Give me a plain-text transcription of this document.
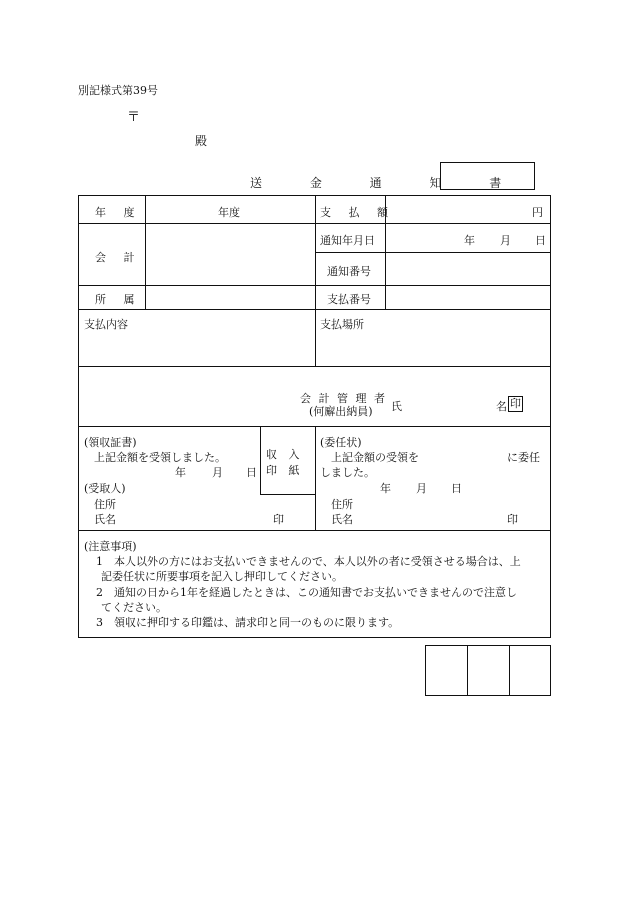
別記様式第39号
〒
殿
送 金 通 知 書
年 度	年度	支 払 額	円
会 計
通知年月日	年 月 日
通知番号
所 属	支払番号
支払内容	支払場所
会 計 管 理 者
(何廨出納員) 氏	名 印
(領収証書)
上記金額を受領しました。
年 月 日
収 入
印 紙
(受取人)
住所
氏名	印
(委任状)
上記金額の受領を	に委任
しました。
年 月 日
住所
氏名	印
(注意事項)
1　本人以外の方にはお支払いできませんので、本人以外の者に受領させる場合は、上
記委任状に所要事項を記入し押印してください。
2　通知の日から1年を経過したときは、この通知書でお支払いできませんので注意し
てください。
3　領収に押印する印鑑は、請求印と同一のものに限ります。
